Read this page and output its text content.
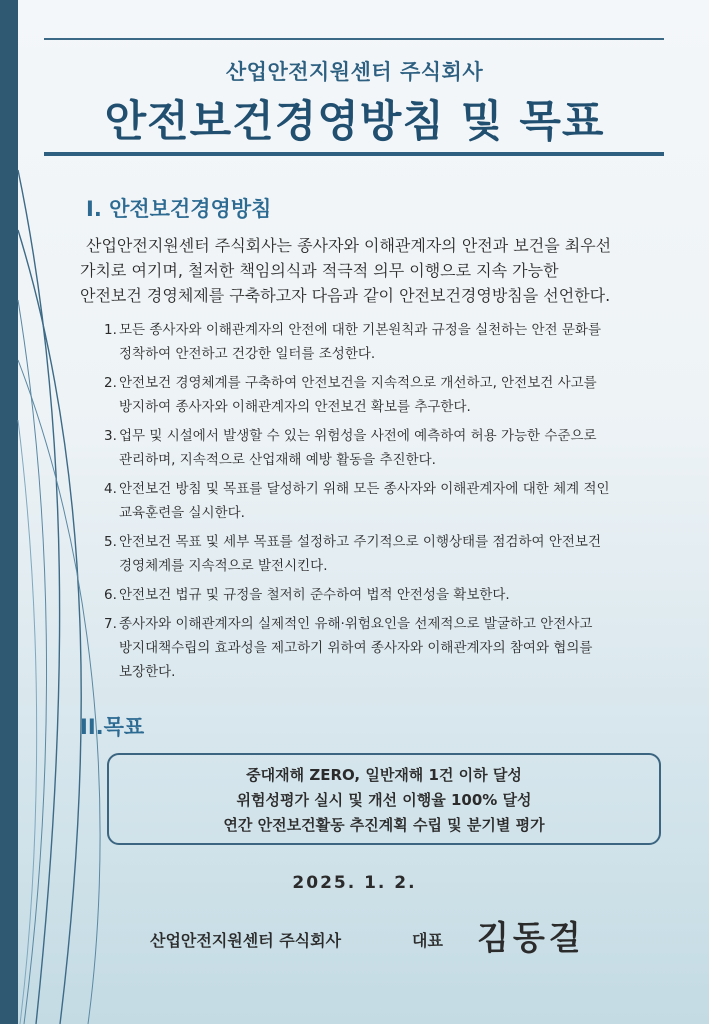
산업안전지원센터 주식회사
안전보건경영방침 및 목표
I. 안전보건경영방침
산업안전지원센터 주식회사는 종사자와 이해관계자의 안전과 보건을 최우선
가치로 여기며, 철저한 책임의식과 적극적 의무 이행으로 지속 가능한
안전보건 경영체제를 구축하고자 다음과 같이 안전보건경영방침을 선언한다.
1. 모든 종사자와 이해관계자의 안전에 대한 기본원칙과 규정을 실천하는 안전 문화를
정착하여 안전하고 건강한 일터를 조성한다.
2. 안전보건 경영체계를 구축하여 안전보건을 지속적으로 개선하고, 안전보건 사고를
방지하여 종사자와 이해관계자의 안전보건 확보를 추구한다.
3. 업무 및 시설에서 발생할 수 있는 위험성을 사전에 예측하여 허용 가능한 수준으로
관리하며, 지속적으로 산업재해 예방 활동을 추진한다.
4. 안전보건 방침 및 목표를 달성하기 위해 모든 종사자와 이해관계자에 대한 체계 적인
교육훈련을 실시한다.
5. 안전보건 목표 및 세부 목표를 설정하고 주기적으로 이행상태를 점검하여 안전보건
경영체계를 지속적으로 발전시킨다.
6. 안전보건 법규 및 규정을 철저히 준수하여 법적 안전성을 확보한다.
7. 종사자와 이해관계자의 실제적인 유해·위험요인을 선제적으로 발굴하고 안전사고
방지대책수립의 효과성을 제고하기 위하여 종사자와 이해관계자의 참여와 협의를
보장한다.
II.목표
중대재해 ZERO, 일반재해 1건 이하 달성
위험성평가 실시 및 개선 이행율 100% 달성
연간 안전보건활동 추진계획 수립 및 분기별 평가
2025. 1. 2.
산업안전지원센터 주식회사	대표 김동걸
